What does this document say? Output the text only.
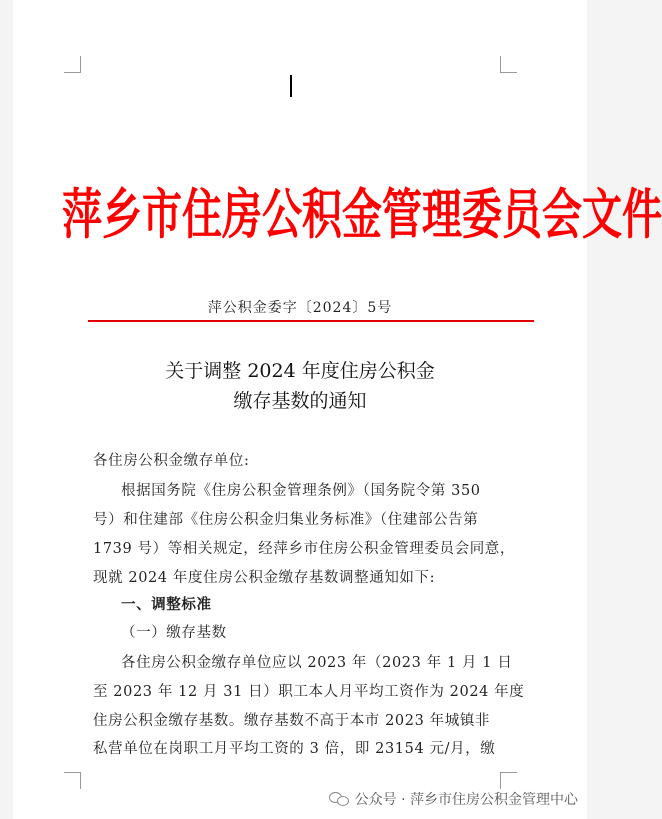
萍乡市住房公积金管理委员会文件
萍公积金委字〔2024〕5号
关于调整 2024 年度住房公积金
缴存基数的通知
各住房公积金缴存单位:
根据国务院《住房公积金管理条例》（国务院令第 350
号）和住建部《住房公积金归集业务标准》（住建部公告第
1739 号）等相关规定，经萍乡市住房公积金管理委员会同意，
现就 2024 年度住房公积金缴存基数调整通知如下:
一、调整标准
（一）缴存基数
各住房公积金缴存单位应以 2023 年（2023 年 1 月 1 日
至 2023 年 12 月 31 日）职工本人月平均工资作为 2024 年度
住房公积金缴存基数。缴存基数不高于本市 2023 年城镇非
私营单位在岗职工月平均工资的 3 倍，即 23154 元/月，缴
公众号 · 萍乡市住房公积金管理中心
